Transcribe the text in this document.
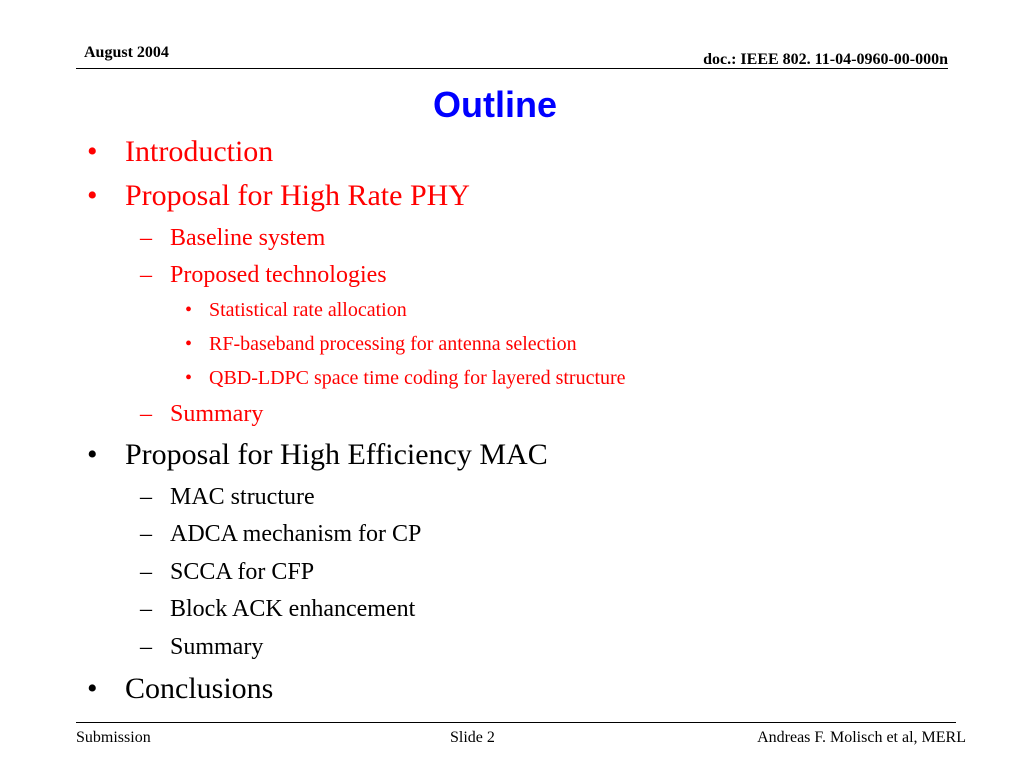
August 2004	doc.: IEEE 802. 11-04-0960-00-000n
Outline
• Introduction
• Proposal for High Rate PHY
– Baseline system
– Proposed technologies
• Statistical rate allocation
• RF-baseband processing for antenna selection
• QBD-LDPC space time coding for layered structure
– Summary
• Proposal for High Efficiency MAC
– MAC structure
– ADCA mechanism for CP
– SCCA for CFP
– Block ACK enhancement
– Summary
• Conclusions
Submission	Slide 2	Andreas F. Molisch et al, MERL
